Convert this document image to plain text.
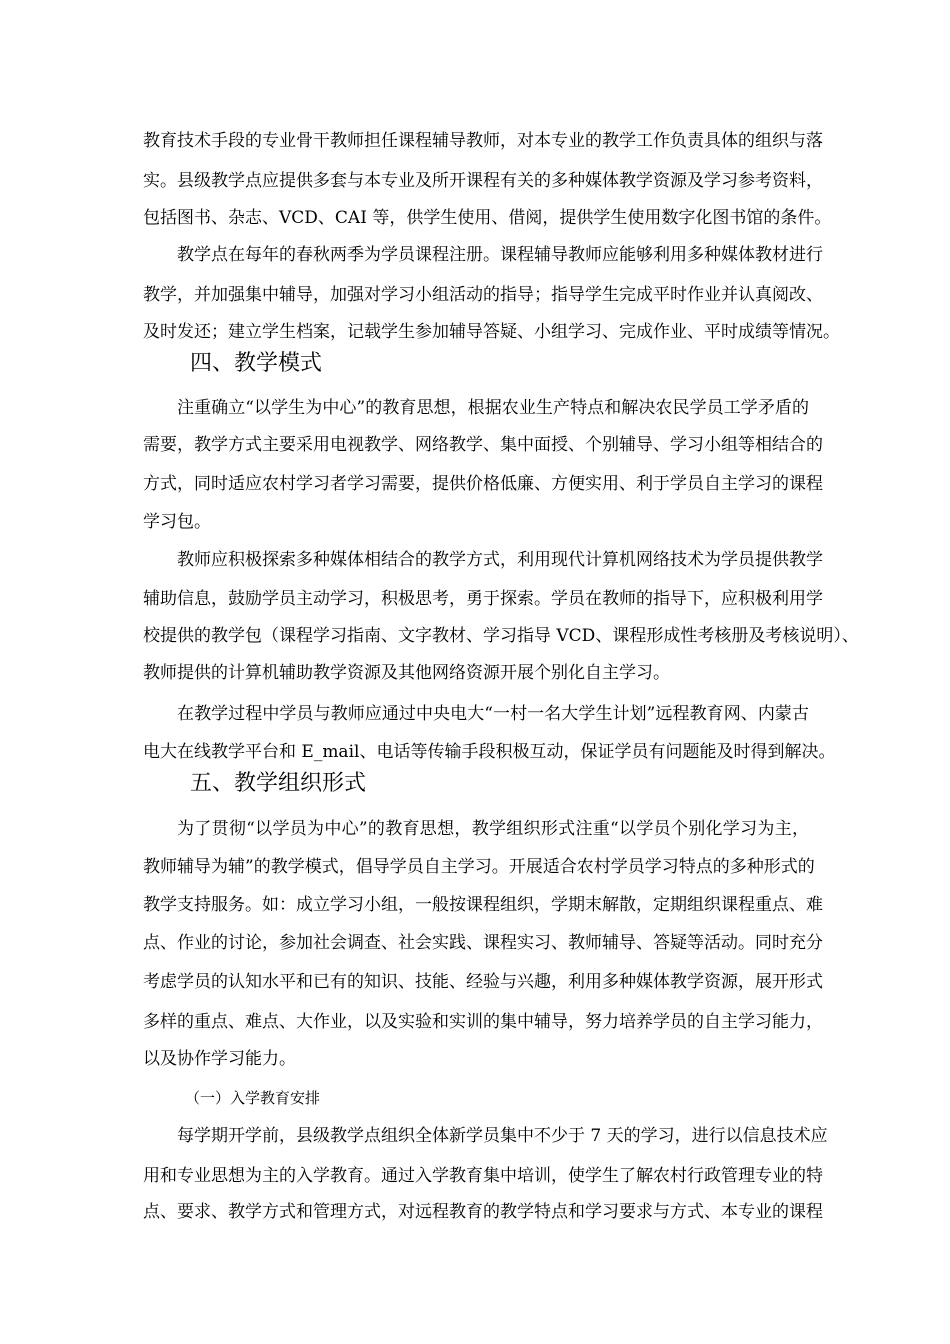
教育技术手段的专业骨干教师担任课程辅导教师，对本专业的教学工作负责具体的组织与落
实。县级教学点应提供多套与本专业及所开课程有关的多种媒体教学资源及学习参考资料，
包括图书、杂志、VCD、CAI 等，供学生使用、借阅，提供学生使用数字化图书馆的条件。
教学点在每年的春秋两季为学员课程注册。课程辅导教师应能够利用多种媒体教材进行
教学，并加强集中辅导，加强对学习小组活动的指导；指导学生完成平时作业并认真阅改、
及时发还；建立学生档案，记载学生参加辅导答疑、小组学习、完成作业、平时成绩等情况。
四、教学模式
注重确立“以学生为中心”的教育思想，根据农业生产特点和解决农民学员工学矛盾的
需要，教学方式主要采用电视教学、网络教学、集中面授、个别辅导、学习小组等相结合的
方式，同时适应农村学习者学习需要，提供价格低廉、方便实用、利于学员自主学习的课程
学习包。
教师应积极探索多种媒体相结合的教学方式，利用现代计算机网络技术为学员提供教学
辅助信息，鼓励学员主动学习，积极思考，勇于探索。学员在教师的指导下，应积极利用学
校提供的教学包（课程学习指南、文字教材、学习指导 VCD、课程形成性考核册及考核说明）、
教师提供的计算机辅助教学资源及其他网络资源开展个别化自主学习。
在教学过程中学员与教师应通过中央电大“一村一名大学生计划”远程教育网、内蒙古
电大在线教学平台和 E_mail、电话等传输手段积极互动，保证学员有问题能及时得到解决。
五、教学组织形式
为了贯彻“以学员为中心”的教育思想，教学组织形式注重“以学员个别化学习为主，
教师辅导为辅”的教学模式，倡导学员自主学习。开展适合农村学员学习特点的多种形式的
教学支持服务。如：成立学习小组，一般按课程组织，学期末解散，定期组织课程重点、难
点、作业的讨论，参加社会调查、社会实践、课程实习、教师辅导、答疑等活动。同时充分
考虑学员的认知水平和已有的知识、技能、经验与兴趣，利用多种媒体教学资源，展开形式
多样的重点、难点、大作业，以及实验和实训的集中辅导，努力培养学员的自主学习能力，
以及协作学习能力。
（一）入学教育安排
每学期开学前，县级教学点组织全体新学员集中不少于 7 天的学习，进行以信息技术应
用和专业思想为主的入学教育。通过入学教育集中培训，使学生了解农村行政管理专业的特
点、要求、教学方式和管理方式，对远程教育的教学特点和学习要求与方式、本专业的课程
